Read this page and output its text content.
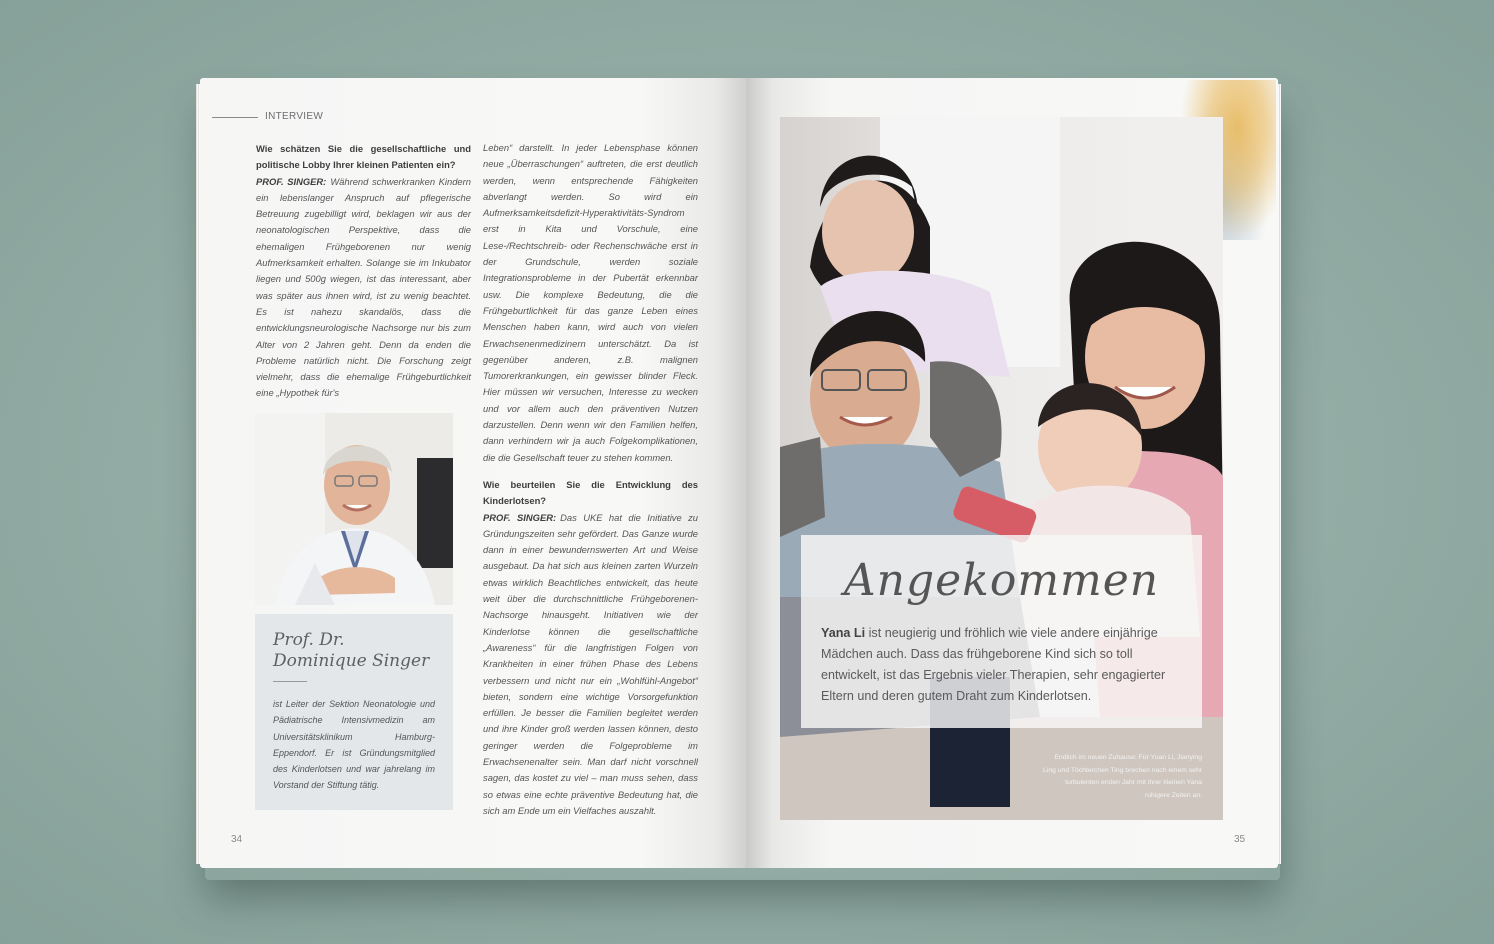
INTERVIEW
Wie schätzen Sie die gesellschaftliche und politische Lobby Ihrer kleinen Patienten ein?
PROF. SINGER: Während schwerkranken Kindern ein lebenslanger Anspruch auf pflegerische Betreuung zugebilligt wird, beklagen wir aus der neonatologischen Perspektive, dass die ehemaligen Frühgeborenen nur wenig Aufmerksamkeit erhalten. Solange sie im Inkubator liegen und 500g wiegen, ist das interessant, aber was später aus ihnen wird, ist zu wenig beachtet. Es ist nahezu skandalös, dass die entwicklungsneurologische Nachsorge nur bis zum Alter von 2 Jahren geht. Denn da enden die Probleme natürlich nicht. Die Forschung zeigt vielmehr, dass die ehemalige Frühgeburtlichkeit eine „Hypothek für's
Leben“ darstellt. In jeder Lebensphase können neue „Überraschungen“ auftreten, die erst deutlich werden, wenn entsprechende Fähigkeiten abverlangt werden. So wird ein Aufmerksamkeitsdefizit-Hyperaktivitäts-Syndrom erst in Kita und Vorschule, eine Lese-/Rechtschreib- oder Rechenschwäche erst in der Grundschule, werden soziale Integrationsprobleme in der Pubertät erkennbar usw. Die komplexe Bedeutung, die die Frühgeburtlichkeit für das ganze Leben eines Menschen haben kann, wird auch von vielen Erwachsenenmedizinern unterschätzt. Da ist gegenüber anderen, z.B. malignen Tumorerkrankungen, ein gewisser blinder Fleck. Hier müssen wir versuchen, Interesse zu wecken und vor allem auch den präventiven Nutzen darzustellen. Denn wenn wir den Familien helfen, dann verhindern wir ja auch Folgekomplikationen, die die Gesellschaft teuer zu stehen kommen.
Wie beurteilen Sie die Entwicklung des Kinderlotsen?
PROF. SINGER: Das UKE hat die Initiative zu Gründungszeiten sehr gefördert. Das Ganze wurde dann in einer bewundernswerten Art und Weise ausgebaut. Da hat sich aus kleinen zarten Wurzeln etwas wirklich Beachtliches entwickelt, das heute weit über die durchschnittliche Frühgeborenen-Nachsorge hinausgeht. Initiativen wie der Kinderlotse können die gesellschaftliche „Awareness“ für die langfristigen Folgen von Krankheiten in einer frühen Phase des Lebens verbessern und nicht nur ein „Wohlfühl-Angebot“ bieten, sondern eine wichtige Vorsorgefunktion erfüllen. Je besser die Familien begleitet werden und ihre Kinder groß werden lassen können, desto geringer werden die Folgeprobleme im Erwachsenenalter sein. Man darf nicht vorschnell sagen, das kostet zu viel – man muss sehen, dass so etwas eine echte präventive Bedeutung hat, die sich am Ende um ein Vielfaches auszahlt.
Prof. Dr.
Dominique Singer
ist Leiter der Sektion Neonatologie und Pädiatrische Intensivmedizin am Universitätsklinikum Hamburg-Eppendorf. Er ist Gründungsmitglied des Kinderlotsen und war jahrelang im Vorstand der Stiftung tätig.
34
Angekommen
Yana Li ist neugierig und fröhlich wie viele andere einjährige Mädchen auch. Dass das frühgeborene Kind sich so toll entwickelt, ist das Ergebnis vieler Therapien, sehr engagierter Eltern und deren gutem Draht zum Kinderlotsen.
Endlich im neuen Zuhause: Für Yuan Li, Jianying Ling und Töchterchen Ting brechen nach einem sehr turbulenten ersten Jahr mit ihrer kleinen Yana ruhigere Zeiten an.
35
